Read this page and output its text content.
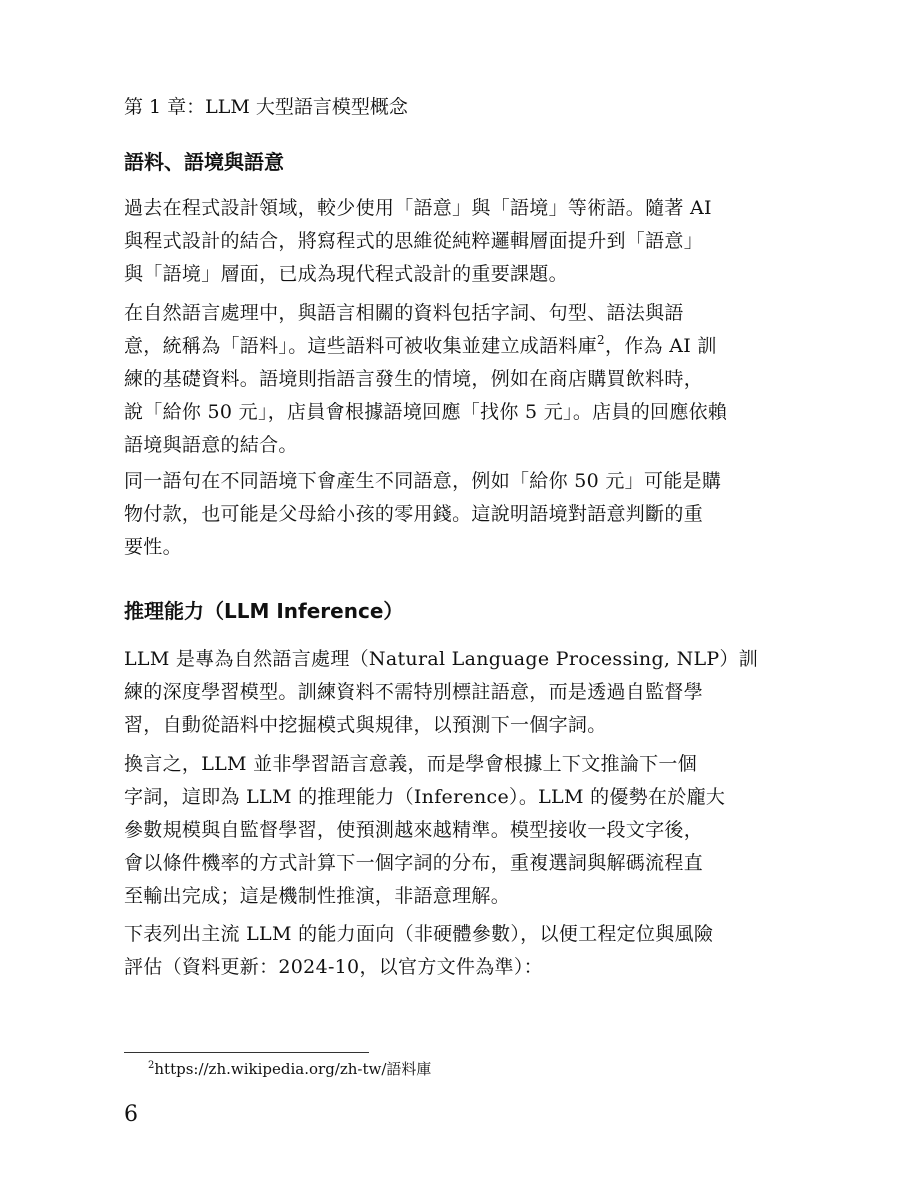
第 1 章：LLM 大型語言模型概念
語料、語境與語意
過去在程式設計領域，較少使用「語意」與「語境」等術語。隨著 AI
與程式設計的結合，將寫程式的思維從純粹邏輯層面提升到「語意」
與「語境」層面，已成為現代程式設計的重要課題。
在自然語言處理中，與語言相關的資料包括字詞、句型、語法與語
意，統稱為「語料」。這些語料可被收集並建立成語料庫$^2$，作為 AI 訓
練的基礎資料。語境則指語言發生的情境，例如在商店購買飲料時，
說「給你 50 元」，店員會根據語境回應「找你 5 元」。店員的回應依賴
語境與語意的結合。
同一語句在不同語境下會產生不同語意，例如「給你 50 元」可能是購
物付款，也可能是父母給小孩的零用錢。這說明語境對語意判斷的重
要性。
推理能力（LLM Inference）
LLM 是專為自然語言處理（Natural Language Processing, NLP）訓
練的深度學習模型。訓練資料不需特別標註語意，而是透過自監督學
習，自動從語料中挖掘模式與規律，以預測下一個字詞。
換言之，LLM 並非學習語言意義，而是學會根據上下文推論下一個
字詞，這即為 LLM 的推理能力（Inference）。LLM 的優勢在於龐大
參數規模與自監督學習，使預測越來越精準。模型接收一段文字後，
會以條件機率的方式計算下一個字詞的分布，重複選詞與解碼流程直
至輸出完成；這是機制性推演，非語意理解。
下表列出主流 LLM 的能力面向（非硬體參數），以便工程定位與風險
評估（資料更新：2024-10，以官方文件為準）：
$^2$https://zh.wikipedia.org/zh-tw/語料庫
6
